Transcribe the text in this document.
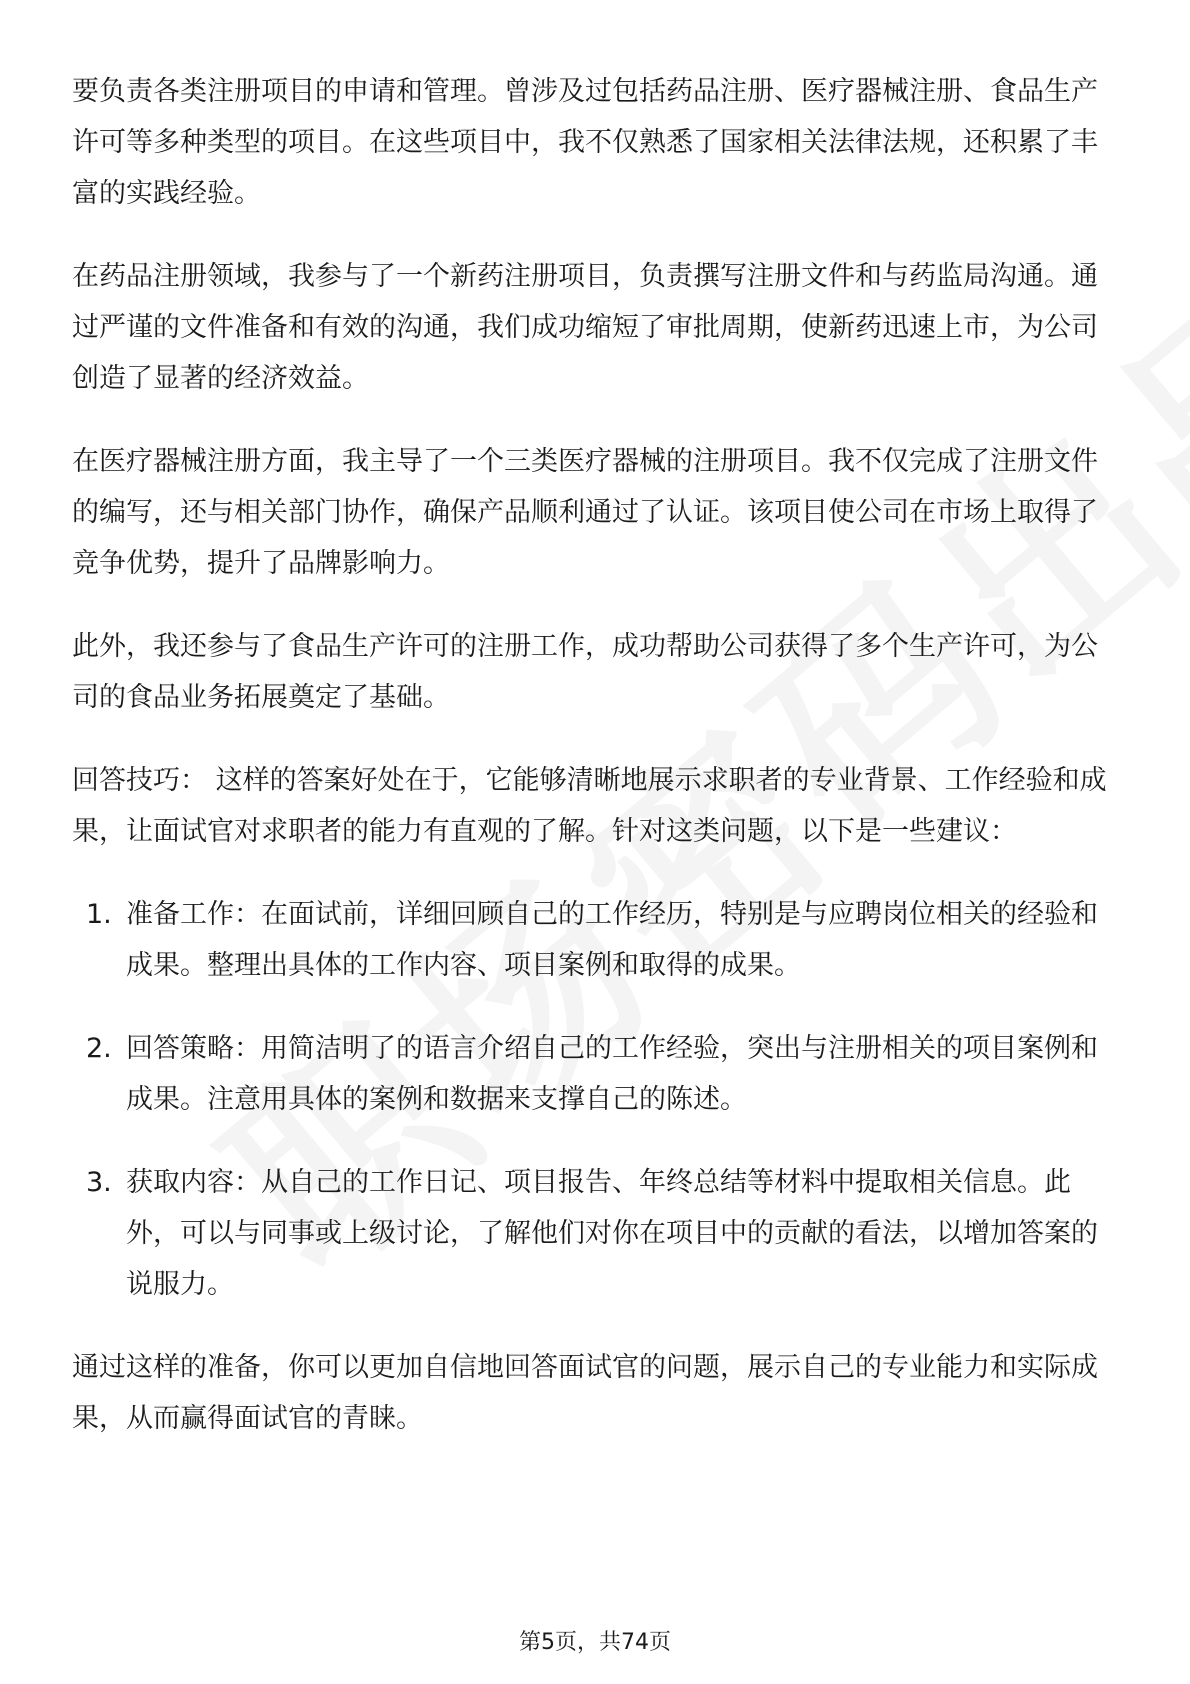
要负责各类注册项目的申请和管理。曾涉及过包括药品注册、医疗器械注册、食品生产许可等多种类型的项目。在这些项目中，我不仅熟悉了国家相关法律法规，还积累了丰富的实践经验。

在药品注册领域，我参与了一个新药注册项目，负责撰写注册文件和与药监局沟通。通过严谨的文件准备和有效的沟通，我们成功缩短了审批周期，使新药迅速上市，为公司创造了显著的经济效益。

在医疗器械注册方面，我主导了一个三类医疗器械的注册项目。我不仅完成了注册文件的编写，还与相关部门协作，确保产品顺利通过了认证。该项目使公司在市场上取得了竞争优势，提升了品牌影响力。

此外，我还参与了食品生产许可的注册工作，成功帮助公司获得了多个生产许可，为公司的食品业务拓展奠定了基础。

回答技巧： 这样的答案好处在于，它能够清晰地展示求职者的专业背景、工作经验和成果，让面试官对求职者的能力有直观的了解。针对这类问题，以下是一些建议：

1. 准备工作：在面试前，详细回顾自己的工作经历，特别是与应聘岗位相关的经验和成果。整理出具体的工作内容、项目案例和取得的成果。
2. 回答策略：用简洁明了的语言介绍自己的工作经验，突出与注册相关的项目案例和成果。注意用具体的案例和数据来支撑自己的陈述。
3. 获取内容：从自己的工作日记、项目报告、年终总结等材料中提取相关信息。此外，可以与同事或上级讨论，了解他们对你在项目中的贡献的看法，以增加答案的说服力。

通过这样的准备，你可以更加自信地回答面试官的问题，展示自己的专业能力和实际成果，从而赢得面试官的青睐。

第5页，共74页
